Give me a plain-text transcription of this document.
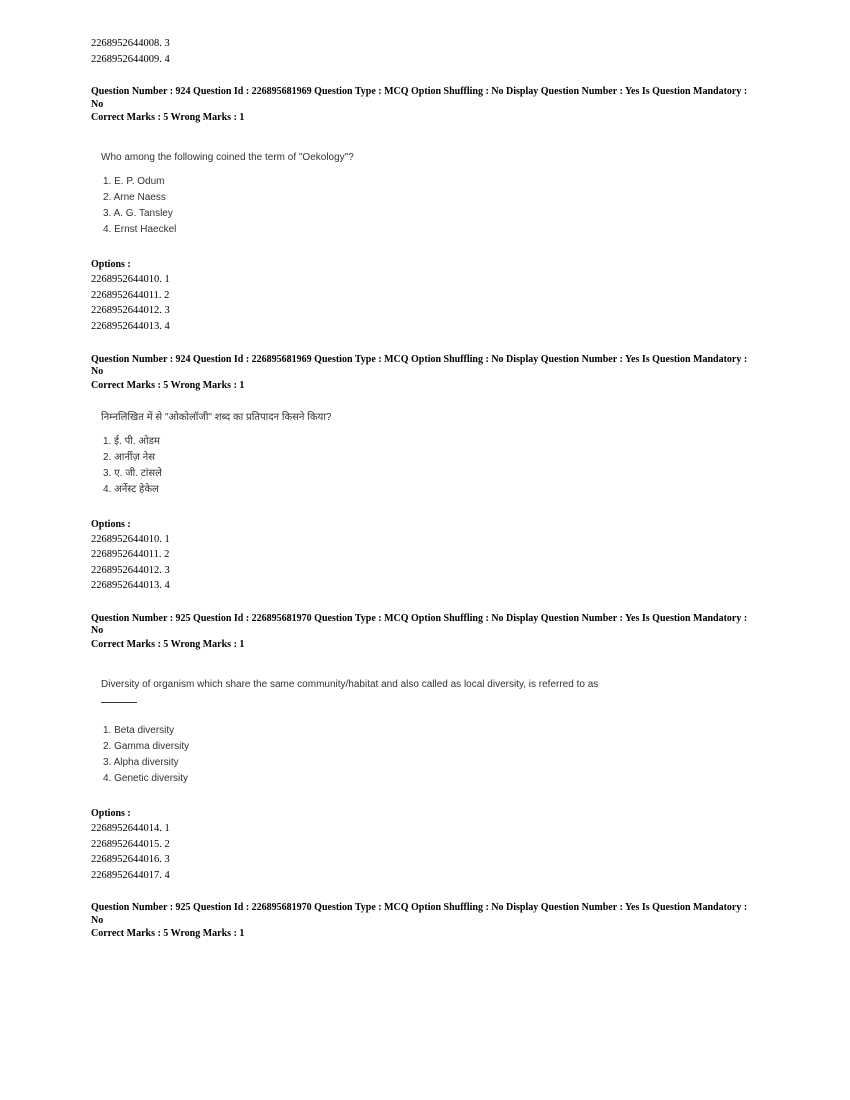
2268952644008. 3
2268952644009. 4
Question Number : 924 Question Id : 226895681969 Question Type : MCQ Option Shuffling : No Display Question Number : Yes Is Question Mandatory : No
Correct Marks : 5 Wrong Marks : 1
Who among the following coined the term of "Oekology"?
1. E. P. Odum
2. Arne Naess
3. A. G. Tansley
4. Ernst Haeckel
Options :
2268952644010. 1
2268952644011. 2
2268952644012. 3
2268952644013. 4
Question Number : 924 Question Id : 226895681969 Question Type : MCQ Option Shuffling : No Display Question Number : Yes Is Question Mandatory : No
Correct Marks : 5 Wrong Marks : 1
निम्नलिखित में से "ओकोलॉजी" शब्द का प्रतिपादन किसने किया?
1. ई. पी. ओडम
2. आर्नीज़ नेस
3. ए. जी. टांसले
4. अर्नेस्ट हेकेल
Options :
2268952644010. 1
2268952644011. 2
2268952644012. 3
2268952644013. 4
Question Number : 925 Question Id : 226895681970 Question Type : MCQ Option Shuffling : No Display Question Number : Yes Is Question Mandatory : No
Correct Marks : 5 Wrong Marks : 1
Diversity of organism which share the same community/habitat and also called as local diversity, is referred to as

1. Beta diversity
2. Gamma diversity
3. Alpha diversity
4. Genetic diversity
Options :
2268952644014. 1
2268952644015. 2
2268952644016. 3
2268952644017. 4
Question Number : 925 Question Id : 226895681970 Question Type : MCQ Option Shuffling : No Display Question Number : Yes Is Question Mandatory : No
Correct Marks : 5 Wrong Marks : 1
